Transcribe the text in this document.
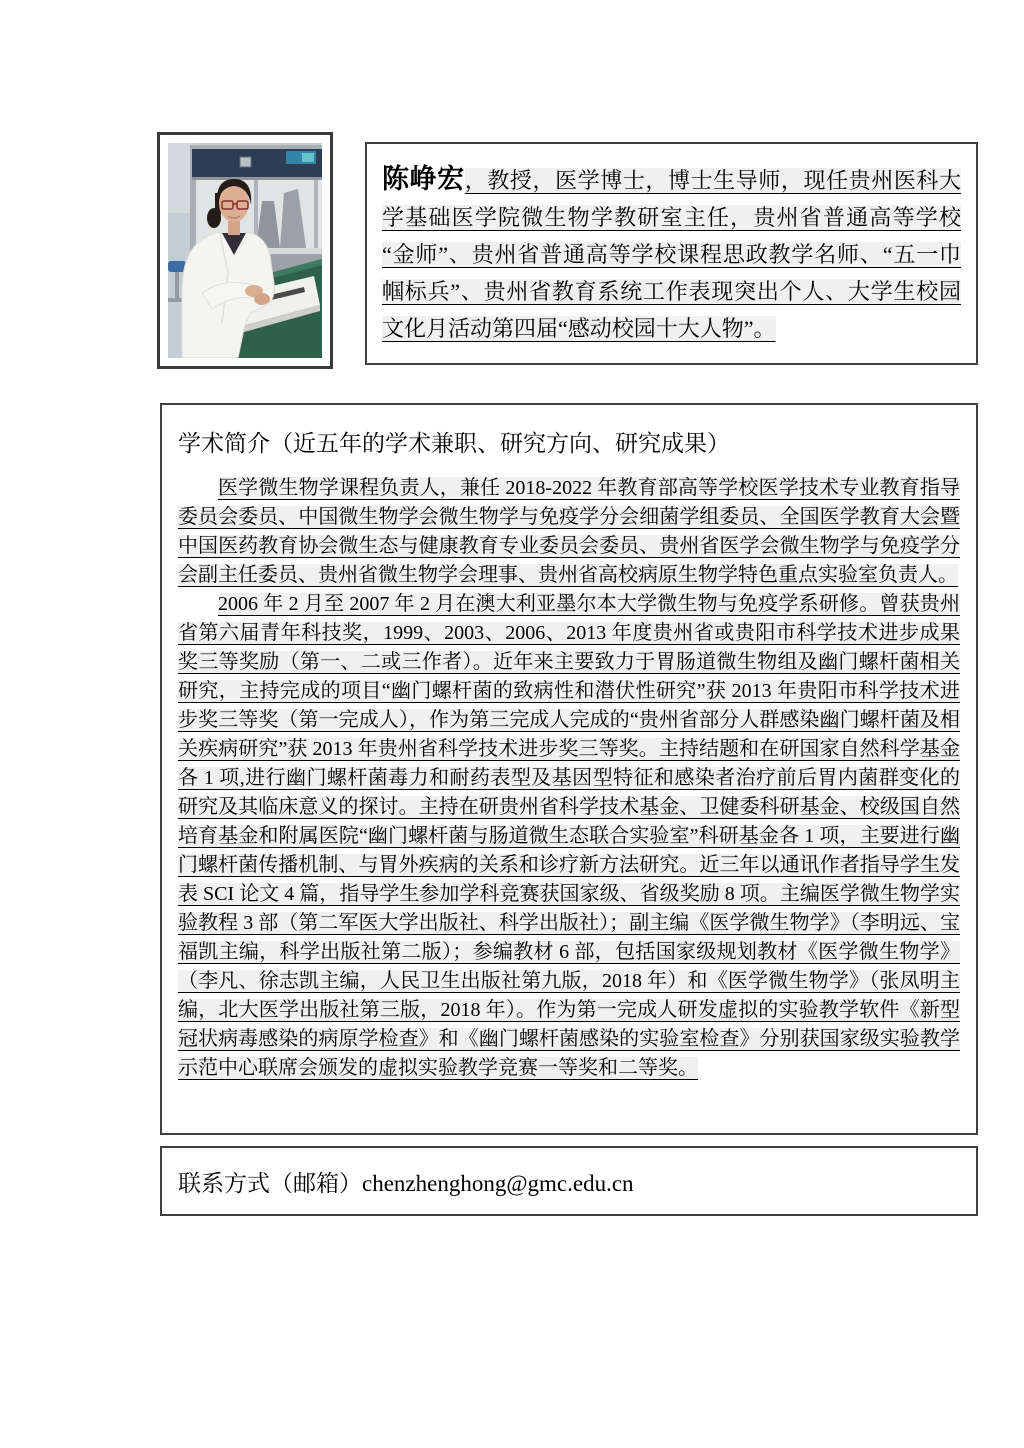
陈峥宏，教授，医学博士，博士生导师，现任贵州医科大学基础医学院微生物学教研室主任，贵州省普通高等学校“金师”、贵州省普通高等学校课程思政教学名师、“五一巾帼标兵”、贵州省教育系统工作表现突出个人、大学生校园文化月活动第四届“感动校园十大人物”。

学术简介（近五年的学术兼职、研究方向、研究成果）

医学微生物学课程负责人，兼任 2018-2022 年教育部高等学校医学技术专业教育指导委员会委员、中国微生物学会微生物学与免疫学分会细菌学组委员、全国医学教育大会暨中国医药教育协会微生态与健康教育专业委员会委员、贵州省医学会微生物学与免疫学分会副主任委员、贵州省微生物学会理事、贵州省高校病原生物学特色重点实验室负责人。

2006 年 2 月至 2007 年 2 月在澳大利亚墨尔本大学微生物与免疫学系研修。曾获贵州省第六届青年科技奖，1999、2003、2006、2013 年度贵州省或贵阳市科学技术进步成果奖三等奖励（第一、二或三作者）。近年来主要致力于胃肠道微生物组及幽门螺杆菌相关研究，主持完成的项目“幽门螺杆菌的致病性和潜伏性研究”获 2013 年贵阳市科学技术进步奖三等奖（第一完成人），作为第三完成人完成的“贵州省部分人群感染幽门螺杆菌及相关疾病研究”获 2013 年贵州省科学技术进步奖三等奖。主持结题和在研国家自然科学基金各 1 项,进行幽门螺杆菌毒力和耐药表型及基因型特征和感染者治疗前后胃内菌群变化的研究及其临床意义的探讨。主持在研贵州省科学技术基金、卫健委科研基金、校级国自然培育基金和附属医院“幽门螺杆菌与肠道微生态联合实验室”科研基金各 1 项，主要进行幽门螺杆菌传播机制、与胃外疾病的关系和诊疗新方法研究。近三年以通讯作者指导学生发表 SCI 论文 4 篇，指导学生参加学科竞赛获国家级、省级奖励 8 项。主编医学微生物学实验教程 3 部（第二军医大学出版社、科学出版社）；副主编《医学微生物学》（李明远、宝福凯主编，科学出版社第二版）；参编教材 6 部，包括国家级规划教材《医学微生物学》（李凡、徐志凯主编，人民卫生出版社第九版，2018 年）和《医学微生物学》（张凤明主编，北大医学出版社第三版，2018 年）。作为第一完成人研发虚拟的实验教学软件《新型冠状病毒感染的病原学检查》和《幽门螺杆菌感染的实验室检查》分别获国家级实验教学示范中心联席会颁发的虚拟实验教学竞赛一等奖和二等奖。

联系方式（邮箱）chenzhenghong@gmc.edu.cn
